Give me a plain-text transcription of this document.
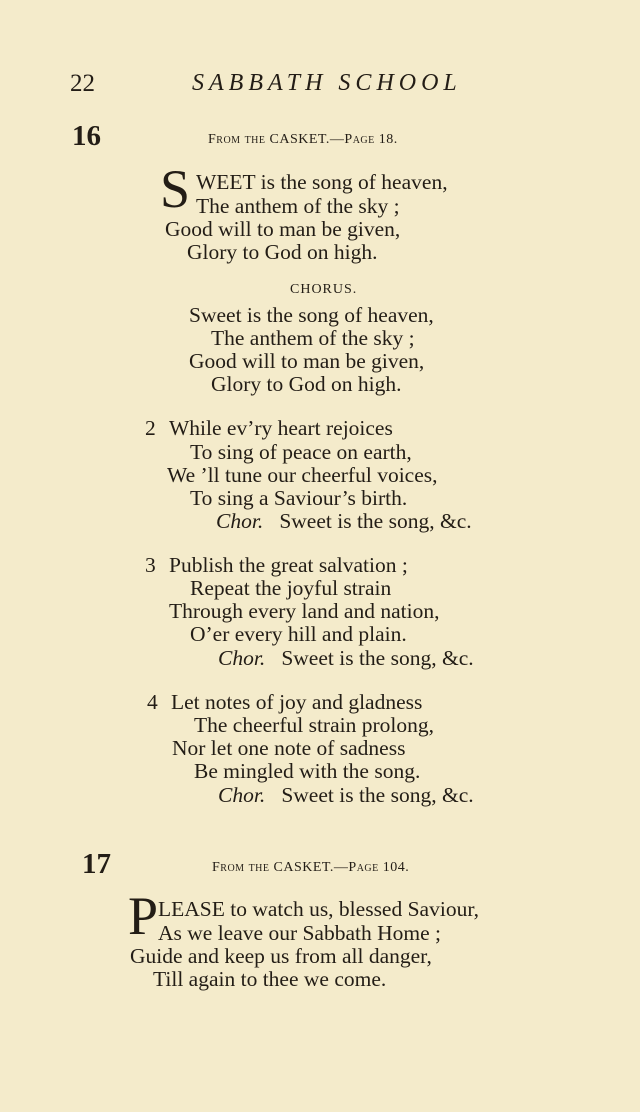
22	SABBATH SCHOOL
16	From the CASKET.—Page 18.
S WEET is the song of heaven,
The anthem of the sky ;
Good will to man be given,
Glory to God on high.
CHORUS.
Sweet is the song of heaven,
The anthem of the sky ;
Good will to man be given,
Glory to God on high.
2 While ev’ry heart rejoices
To sing of peace on earth,
We ’ll tune our cheerful voices,
To sing a Saviour’s birth.
Chor. Sweet is the song, &c.
3 Publish the great salvation ;
Repeat the joyful strain
Through every land and nation,
O’er every hill and plain.
Chor. Sweet is the song, &c.
4 Let notes of joy and gladness
The cheerful strain prolong,
Nor let one note of sadness
Be mingled with the song.
Chor. Sweet is the song, &c.
17	From the CASKET.—Page 104.
P LEASE to watch us, blessed Saviour,
As we leave our Sabbath Home ;
Guide and keep us from all danger,
Till again to thee we come.
